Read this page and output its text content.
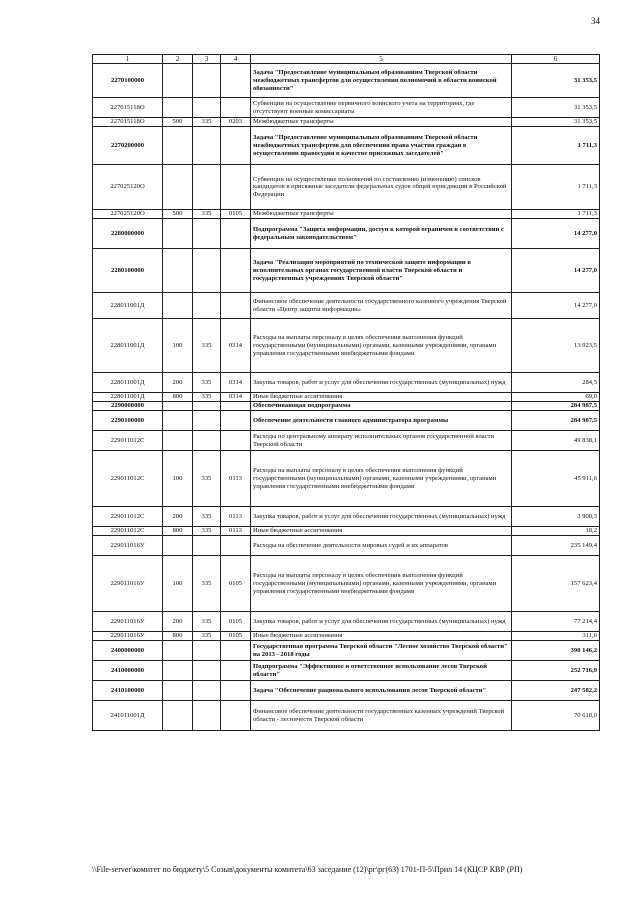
34
1	2	3	4	5	6
2270100000				Задача "Предоставление муниципальным образованиям Тверской области межбюджетных трансфертов для осуществления полномочий в области воинской обязанности"	31 353,5
227015118О				Субвенции на осуществление первичного воинского учета на территориях, где отсутствуют военные комиссариаты	31 353,5
227015118О	500	335	0203	Межбюджетные трансферты	31 353,5
2270200000				Задача "Предоставление муниципальным образованиям Тверской области межбюджетных трансфертов для обеспечения права участия граждан в осуществлении правосудия в качестве присяжных заседателей"	1 711,3
227025120О				Субвенции на осуществление полномочий по составлению (изменению) списков кандидатов в присяжные заседатели федеральных судов общей юрисдикции в Российской Федерации	1 711,3
227025120О	500	335	0105	Межбюджетные трансферты	1 711,3
2280000000				Подпрограмма "Защита информации, доступ к которой ограничен в соответствии с федеральным законодательством"	14 277,0
2280100000				Задача "Реализация мероприятий по технической защите информации в исполнительных органах государственной власти Тверской области и государственных учреждениях Тверской области"	14 277,0
228011001Д				Финансовое обеспечение деятельности государственного казенного учреждения Тверской области «Центр защиты информации»	14 277,0
228011001Д	100	335	0314	Расходы на выплаты персоналу в целях обеспечения выполнения функций государственными (муниципальными) органами, казенными учреждениями, органами управления государственными внебюджетными фондами	13 923,5
228011001Д	200	335	0314	Закупка товаров, работ и услуг для обеспечения государственных (муниципальных) нужд	284,5
228011001Д	800	335	0314	Иные бюджетные ассигнования	69,0
2290000000				Обеспечивающая подпрограмма	284 987,5
2290100000				Обеспечение деятельности главного администратора программы	284 987,5
229011012С				Расходы по центральному аппарату исполнительных органов государственной власти Тверской области	49 838,1
229011012С	100	335	0113	Расходы на выплаты персоналу в целях обеспечения выполнения функций государственными (муниципальными) органами, казенными учреждениями, органами управления государственными внебюджетными фондами	45 911,6
229011012С	200	335	0113	Закупка товаров, работ и услуг для обеспечения государственных (муниципальных) нужд	3 908,3
229011012С	800	335	0113	Иные бюджетные ассигнования	18,2
229011016У				Расходы на обеспечение деятельности мировых судей и их аппаратов	235 149,4
229011016У	100	335	0105	Расходы на выплаты персоналу в целях обеспечения выполнения функций государственными (муниципальными) органами, казенными учреждениями, органами управления государственными внебюджетными фондами	157 623,4
229011016У	200	335	0105	Закупка товаров, работ и услуг для обеспечения государственных (муниципальных) нужд	77 214,4
229011016У	800	335	0105	Иные бюджетные ассигнования	311,6
2400000000				Государственная программа Тверской области "Лесное хозяйство Тверской области" на 2013 - 2018 годы	390 146,2
2410000000				Подпрограмма "Эффективное и ответственное использование лесов Тверской области"	252 716,9
2410100000				Задача "Обеспечение рационального использования лесов Тверской области"	247 582,2
241011001Д				Финансовое обеспечение деятельности государственных казенных учреждений Тверской области - лесничеств Тверской области	70 618,0
\\File-server\комитет по бюджету\5 Созыв\документы комитета\63 заседание (12)\рг\рг(63) 1701-П-5\Прил 14 (КЦСР КВР (РП)
